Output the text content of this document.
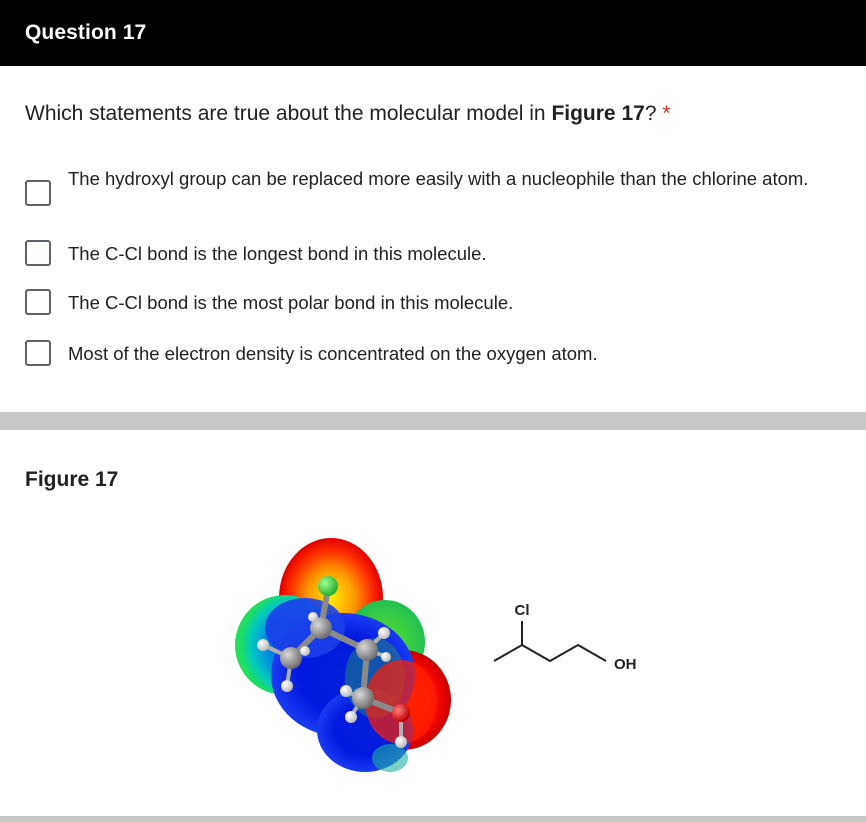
Question 17
Which statements are true about the molecular model in Figure 17? *
The hydroxyl group can be replaced more easily with a nucleophile than the chlorine atom.
The C-Cl bond is the longest bond in this molecule.
The C-Cl bond is the most polar bond in this molecule.
Most of the electron density is concentrated on the oxygen atom.
Figure 17
Cl
OH
